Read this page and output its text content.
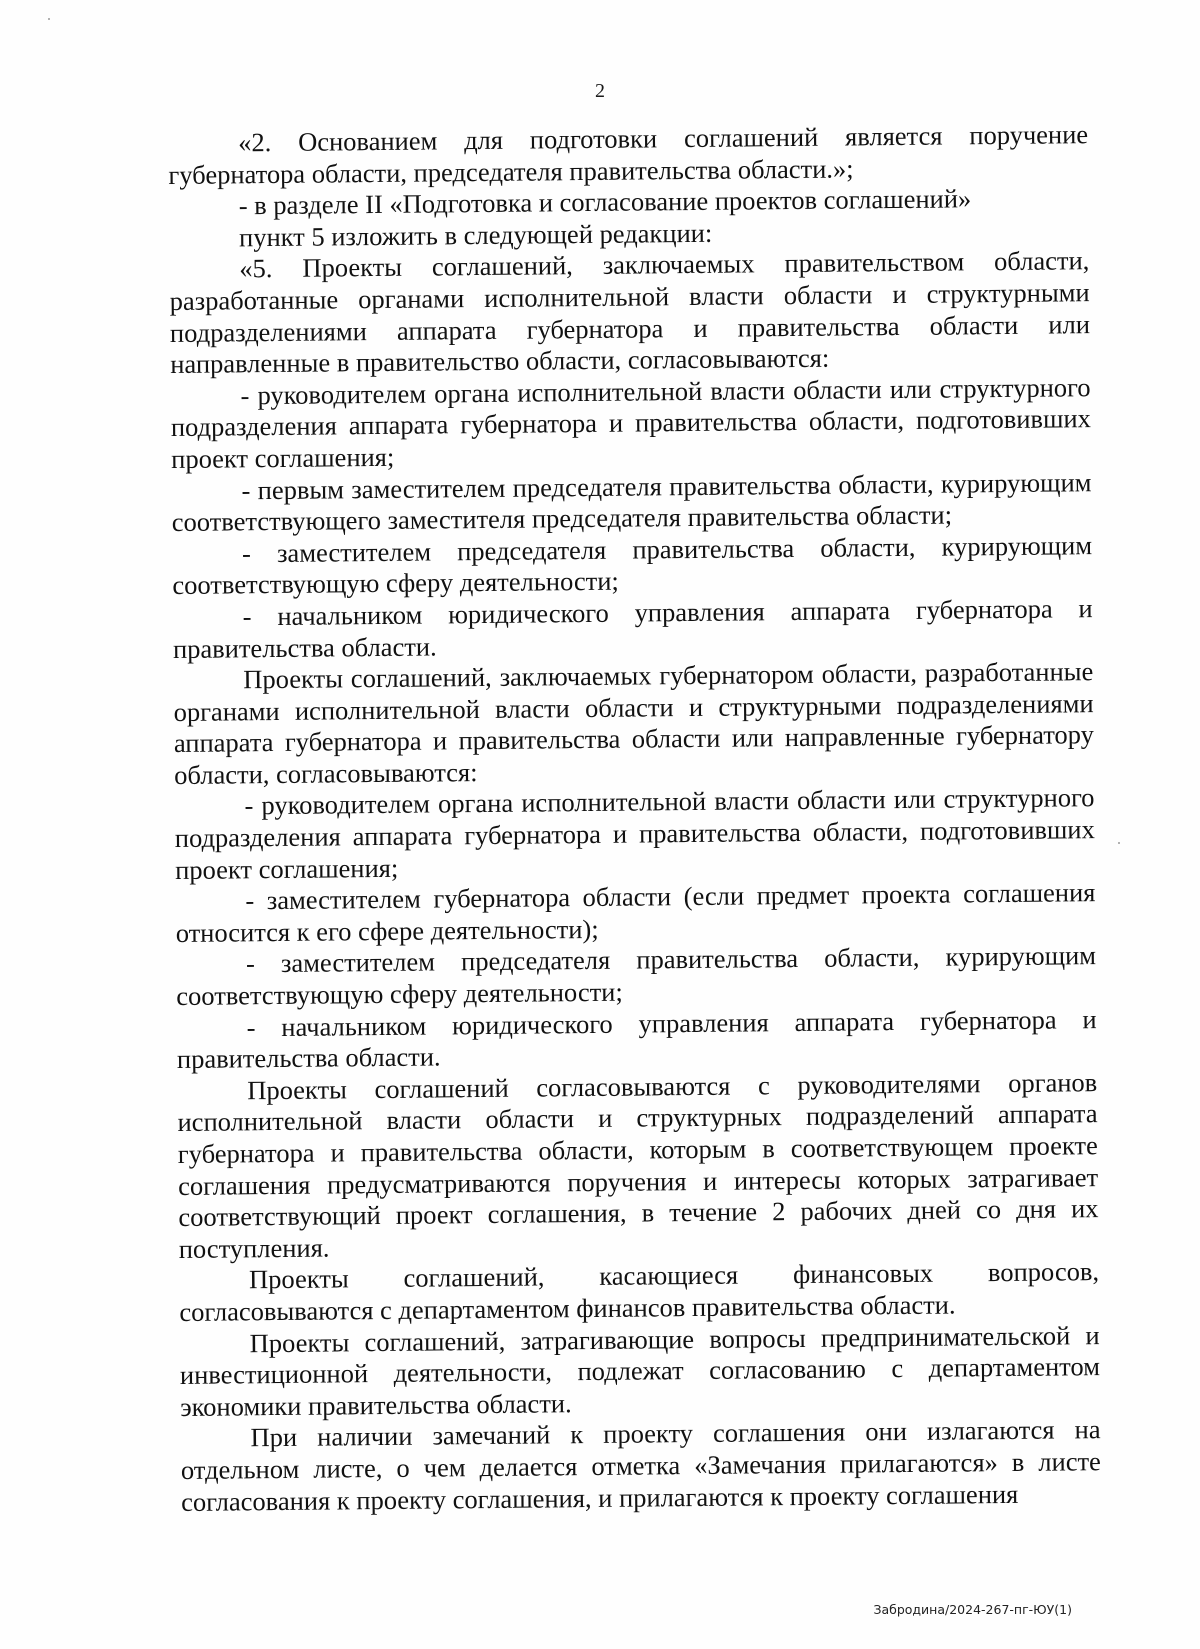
2

«2. Основанием для подготовки соглашений является поручение губернатора области, председателя правительства области.»;

- в разделе II «Подготовка и согласование проектов соглашений»

пункт 5 изложить в следующей редакции:

«5. Проекты соглашений, заключаемых правительством области, разработанные органами исполнительной власти области и структурными подразделениями аппарата губернатора и правительства области или направленные в правительство области, согласовываются:

- руководителем органа исполнительной власти области или структурного подразделения аппарата губернатора и правительства области, подготовивших проект соглашения;

- первым заместителем председателя правительства области, курирующим соответствующего заместителя председателя правительства области;

- заместителем председателя правительства области, курирующим соответствующую сферу деятельности;

- начальником юридического управления аппарата губернатора и правительства области.

Проекты соглашений, заключаемых губернатором области, разработанные органами исполнительной власти области и структурными подразделениями аппарата губернатора и правительства области или направленные губернатору области, согласовываются:

- руководителем органа исполнительной власти области или структурного подразделения аппарата губернатора и правительства области, подготовивших проект соглашения;

- заместителем губернатора области (если предмет проекта соглашения относится к его сфере деятельности);

- заместителем председателя правительства области, курирующим соответствующую сферу деятельности;

- начальником юридического управления аппарата губернатора и правительства области.

Проекты соглашений согласовываются с руководителями органов исполнительной власти области и структурных подразделений аппарата губернатора и правительства области, которым в соответствующем проекте соглашения предусматриваются поручения и интересы которых затрагивает соответствующий проект соглашения, в течение 2 рабочих дней со дня их поступления.

Проекты соглашений, касающиеся финансовых вопросов, согласовываются с департаментом финансов правительства области.

Проекты соглашений, затрагивающие вопросы предпринимательской и инвестиционной деятельности, подлежат согласованию с департаментом экономики правительства области.

При наличии замечаний к проекту соглашения они излагаются на отдельном листе, о чем делается отметка «Замечания прилагаются» в листе согласования к проекту соглашения, и прилагаются к проекту соглашения

Забродина/2024-267-пг-ЮУ(1)
